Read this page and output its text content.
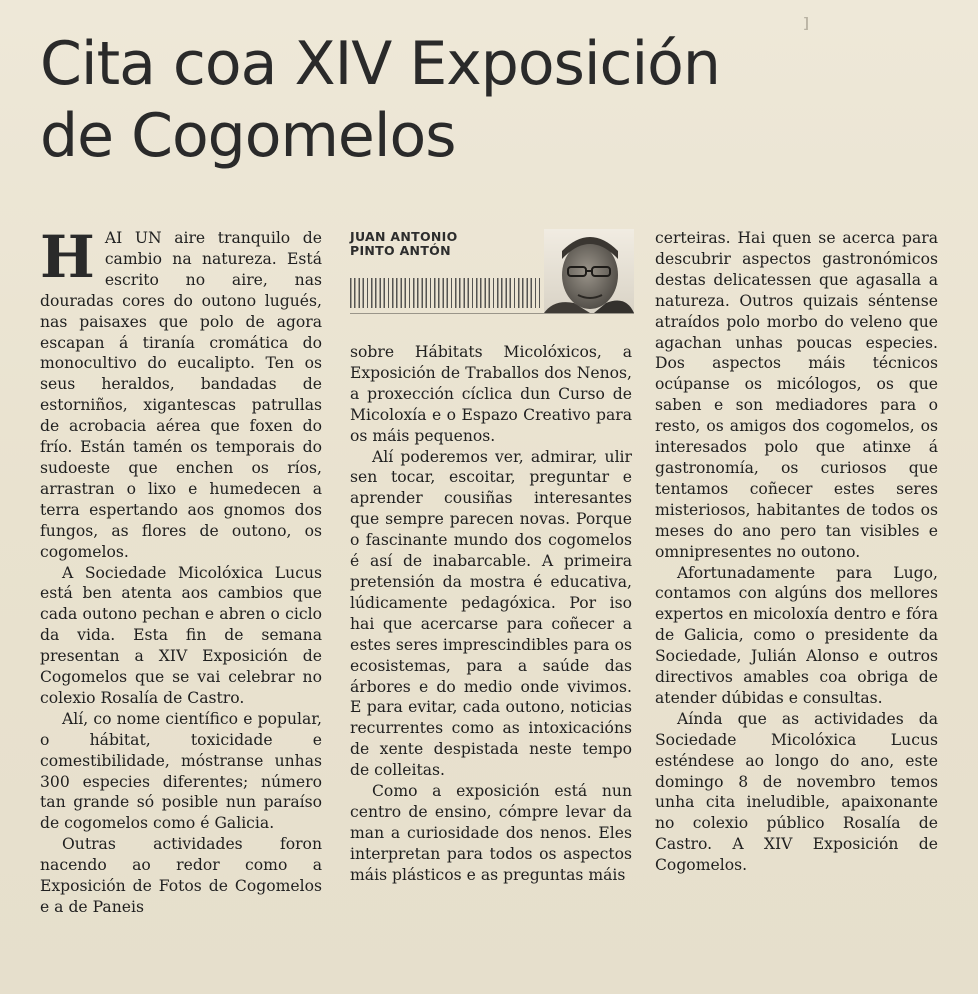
]
Cita coa XIV Exposición
de Cogomelos

HAI UN aire tranquilo de cambio na natureza. Está escrito no aire, nas douradas cores do outono lugués, nas paisaxes que polo de agora escapan á tiranía cromática do monocultivo do eucalipto. Ten os seus heraldos, bandadas de estorniños, xigantescas patrullas de acrobacia aérea que foxen do frío. Están tamén os temporais do sudoeste que enchen os ríos, arrastran o lixo e humedecen a terra espertando aos gnomos dos fungos, as flores de outono, os cogomelos.

A Sociedade Micolóxica Lucus está ben atenta aos cambios que cada outono pechan e abren o ciclo da vida. Esta fin de semana presentan a XIV Exposición de Cogomelos que se vai celebrar no colexio Rosalía de Castro.

Alí, co nome científico e popular, o hábitat, toxicidade e comestibilidade, móstranse unhas 300 especies diferentes; número tan grande só posible nun paraíso de cogomelos como é Galicia.

Outras actividades foron nacendo ao redor como a Exposición de Fotos de Cogomelos e a de Paneis

JUAN ANTONIO
PINTO ANTÓN

sobre Hábitats Micolóxicos, a Exposición de Traballos dos Nenos, a proxección cíclica dun Curso de Micoloxía e o Espazo Creativo para os máis pequenos.

Alí poderemos ver, admirar, ulir sen tocar, escoitar, preguntar e aprender cousiñas interesantes que sempre parecen novas. Porque o fascinante mundo dos cogomelos é así de inabarcable. A primeira pretensión da mostra é educativa, lúdicamente pedagóxica. Por iso hai que acercarse para coñecer a estes seres imprescindibles para os ecosistemas, para a saúde das árbores e do medio onde vivimos. E para evitar, cada outono, noticias recurrentes como as intoxicacións de xente despistada neste tempo de colleitas.

Como a exposición está nun centro de ensino, cómpre levar da man a curiosidade dos nenos. Eles interpretan para todos os aspectos máis plásticos e as preguntas máis

certeiras. Hai quen se acerca para descubrir aspectos gastronómicos destas delicatessen que agasalla a natureza. Outros quizais séntense atraídos polo morbo do veleno que agachan unhas poucas especies. Dos aspectos máis técnicos ocúpanse os micólogos, os que saben e son mediadores para o resto, os amigos dos cogomelos, os interesados polo que atinxe á gastronomía, os curiosos que tentamos coñecer estes seres misteriosos, habitantes de todos os meses do ano pero tan visibles e omnipresentes no outono.

Afortunadamente para Lugo, contamos con algúns dos mellores expertos en micoloxía dentro e fóra de Galicia, como o presidente da Sociedade, Julián Alonso e outros directivos amables coa obriga de atender dúbidas e consultas.

Aínda que as actividades da Sociedade Micolóxica Lucus esténdese ao longo do ano, este domingo 8 de novembro temos unha cita ineludible, apaixonante no colexio público Rosalía de Castro. A XIV Exposición de Cogomelos.
